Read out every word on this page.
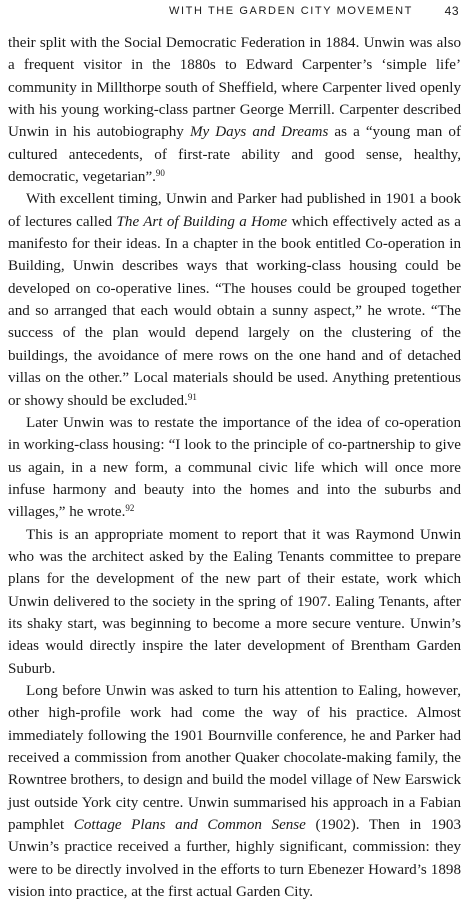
WITH THE GARDEN CITY MOVEMENT	43

their split with the Social Democratic Federation in 1884. Unwin was also a frequent visitor in the 1880s to Edward Carpenter’s ‘simple life’ community in Millthorpe south of Sheffield, where Carpenter lived openly with his young working-class partner George Merrill. Carpenter described Unwin in his autobiography My Days and Dreams as a “young man of cultured antecedents, of first-rate ability and good sense, healthy, democratic, vegetarian”.$^{90}$

With excellent timing, Unwin and Parker had published in 1901 a book of lectures called The Art of Building a Home which effectively acted as a manifesto for their ideas. In a chapter in the book entitled Co-operation in Building, Unwin describes ways that working-class housing could be developed on co-operative lines. “The houses could be grouped together and so arranged that each would obtain a sunny aspect,” he wrote. “The success of the plan would depend largely on the clustering of the buildings, the avoidance of mere rows on the one hand and of detached villas on the other.” Local materials should be used. Anything pretentious or showy should be excluded.$^{91}$

Later Unwin was to restate the importance of the idea of co-operation in working-class housing: “I look to the principle of co-partnership to give us again, in a new form, a communal civic life which will once more infuse harmony and beauty into the homes and into the suburbs and villages,” he wrote.$^{92}$

This is an appropriate moment to report that it was Raymond Unwin who was the architect asked by the Ealing Tenants committee to prepare plans for the development of the new part of their estate, work which Unwin delivered to the society in the spring of 1907. Ealing Tenants, after its shaky start, was beginning to become a more secure venture. Unwin’s ideas would directly inspire the later development of Brentham Garden Suburb.

Long before Unwin was asked to turn his attention to Ealing, however, other high-profile work had come the way of his practice. Almost immediately following the 1901 Bournville conference, he and Parker had received a commission from another Quaker chocolate-making family, the Rowntree brothers, to design and build the model village of New Earswick just outside York city centre. Unwin summarised his approach in a Fabian pamphlet Cottage Plans and Common Sense (1902). Then in 1903 Unwin’s practice received a further, highly significant, commission: they were to be directly involved in the efforts to turn Ebenezer Howard’s 1898 vision into practice, at the first actual Garden City.
